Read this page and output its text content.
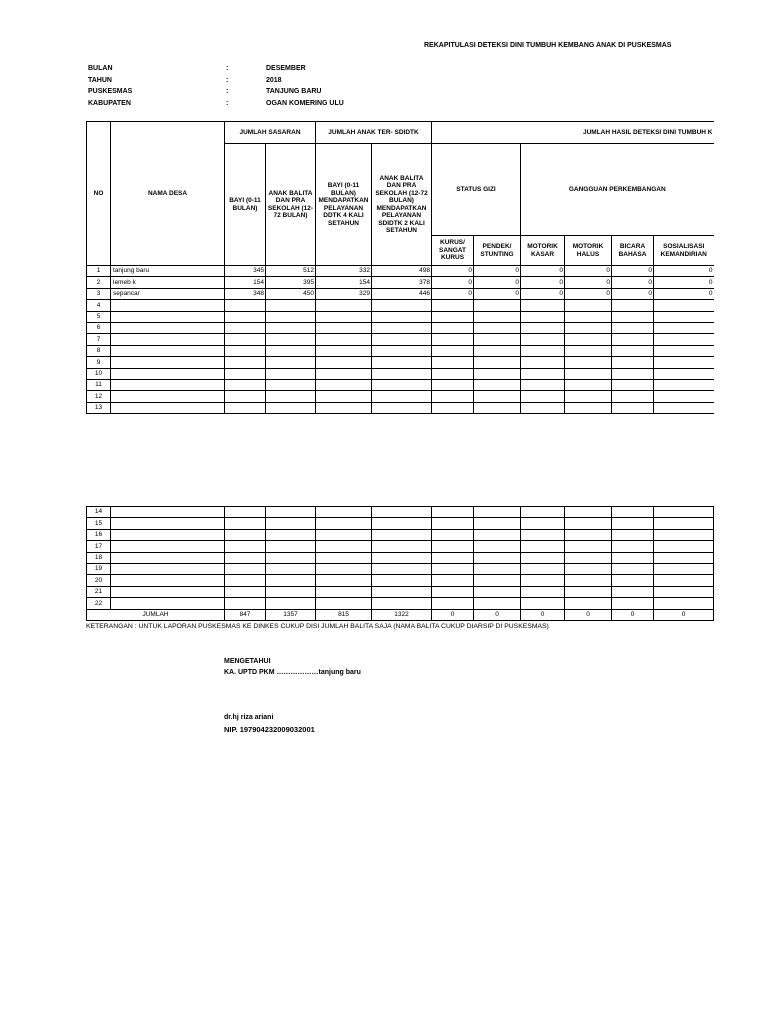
REKAPITULASI DETEKSI DINI TUMBUH KEMBANG ANAK DI PUSKESMAS
BULAN	:	DESEMBER
TAHUN	:	2018
PUSKESMAS	:	TANJUNG BARU
KABUPATEN	:	OGAN KOMERING ULU
NO	NAMA DESA	JUMLAH SASARAN		JUMLAH ANAK TER- SDIDTK		JUMLAH HASIL DETEKSI DINI TUMBUH K					
		BAYI (0-11 BULAN)	ANAK BALITA DAN PRA SEKOLAH (12-72 BULAN)	BAYI (0-11 BULAN) MENDAPATKAN PELAYANAN DDTK 4 KALI SETAHUN	ANAK BALITA DAN PRA SEKOLAH (12-72 BULAN) MENDAPATKAN PELAYANAN SDIDTK 2 KALI SETAHUN	STATUS GIZI		GANGGUAN PERKEMBANGAN			
						KURUS/ SANGAT KURUS	PENDEK/ STUNTING	MOTORIK KASAR	MOTORIK HALUS	BICARA BAHASA	SOSIALISASI KEMANDIRIAN
1	tanjung baru	345	512	332	498	0	0	0	0	0	0
2	lemeb k	154	395	154	378	0	0	0	0	0	0
3	sepancar	348	450	329	446	0	0	0	0	0	0
4											
5											
6											
7											
8											
9											
10											
11											
12											
13											
14											
15											
16											
17											
18											
19											
20											
21											
22											
JUMLAH		847	1357	815	1322	0	0	0	0	0	0
KETERANGAN : UNTUK LAPORAN PUSKESMAS KE DINKES CUKUP DISI JUMLAH BALITA SAJA (NAMA BALITA CUKUP DIARSIP DI PUSKESMAS)
MENGETAHUI
KA. UPTD PKM ………………tanjung baru
dr.hj riza ariani
NIP. 197904232009032001
